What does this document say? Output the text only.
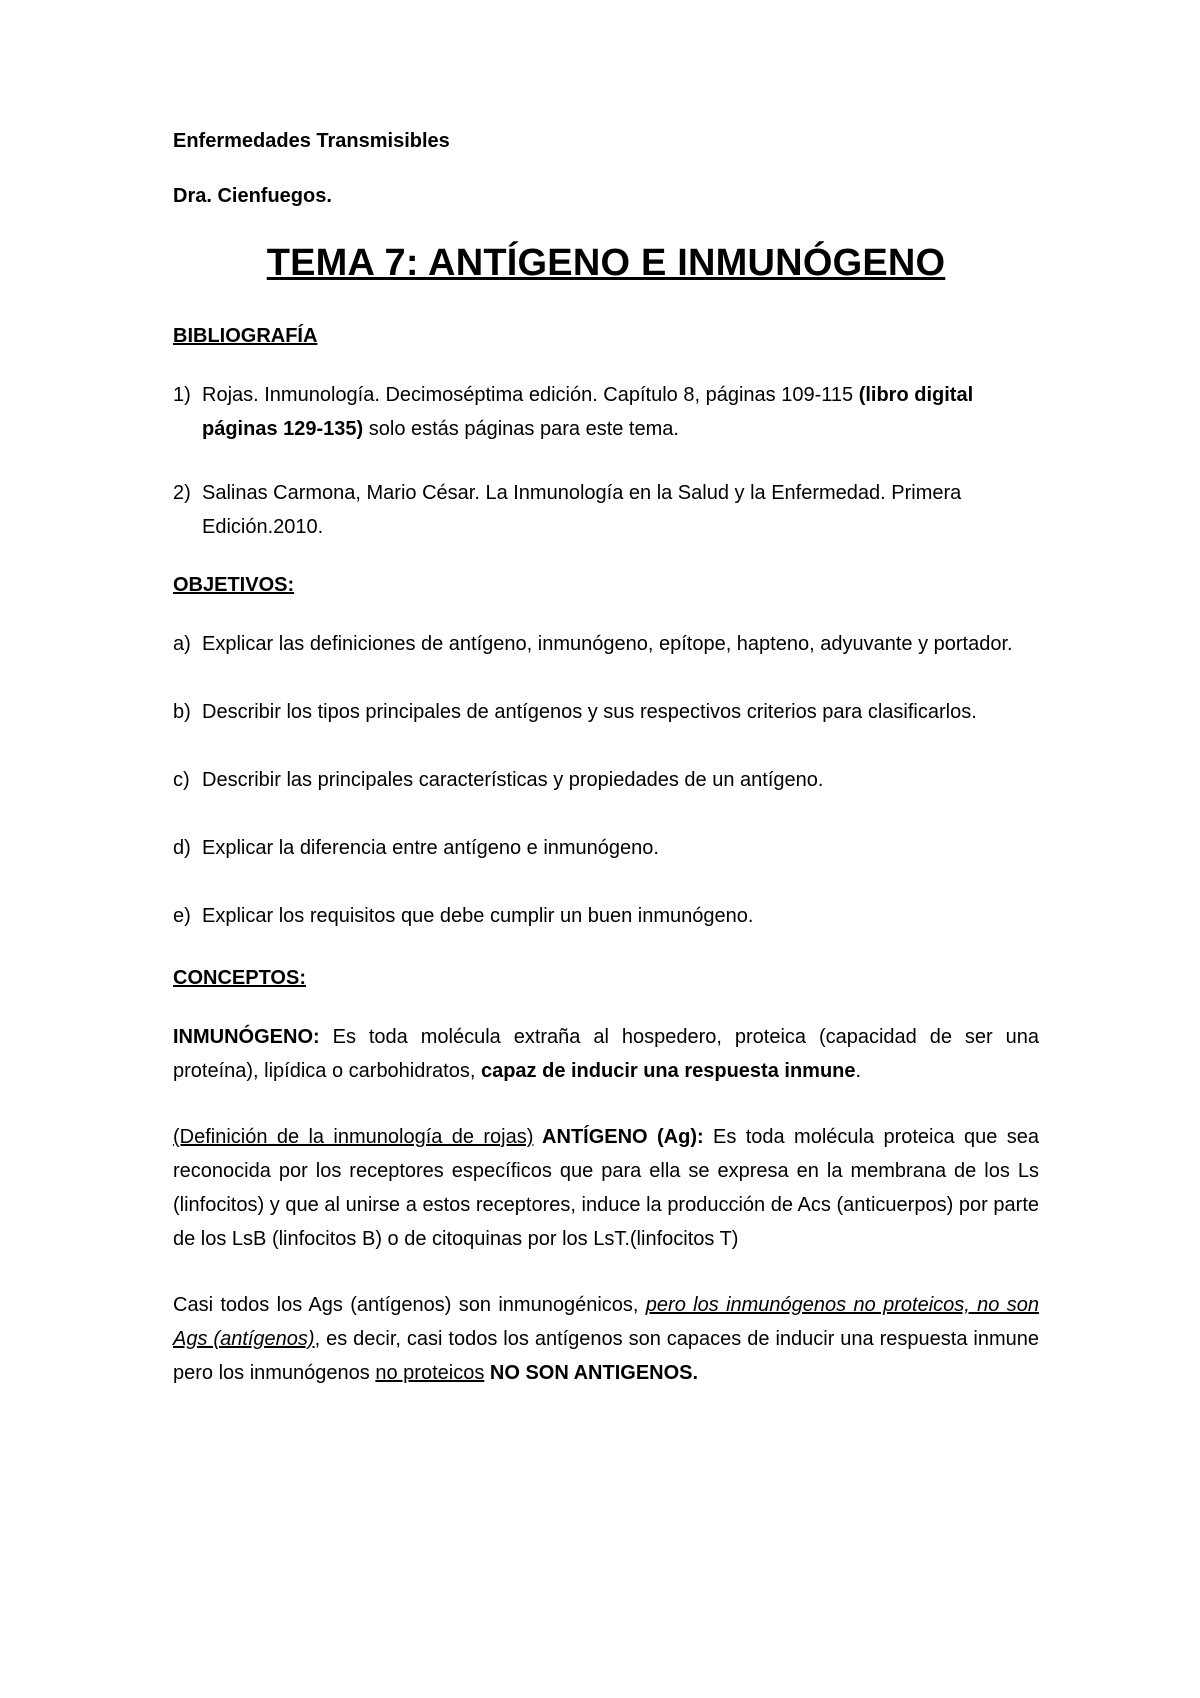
Enfermedades Transmisibles

Dra. Cienfuegos.

TEMA 7: ANTÍGENO E INMUNÓGENO

BIBLIOGRAFÍA

1) Rojas. Inmunología. Decimoséptima edición. Capítulo 8, páginas 109-115 (libro digital páginas 129-135) solo estás páginas para este tema.
2) Salinas Carmona, Mario César. La Inmunología en la Salud y la Enfermedad. Primera Edición.2010.

OBJETIVOS:

a) Explicar las definiciones de antígeno, inmunógeno, epítope, hapteno, adyuvante y portador.
b) Describir los tipos principales de antígenos y sus respectivos criterios para clasificarlos.
c) Describir las principales características y propiedades de un antígeno.
d) Explicar la diferencia entre antígeno e inmunógeno.
e) Explicar los requisitos que debe cumplir un buen inmunógeno.

CONCEPTOS:

INMUNÓGENO: Es toda molécula extraña al hospedero, proteica (capacidad de ser una proteína), lipídica o carbohidratos, capaz de inducir una respuesta inmune.

(Definición de la inmunología de rojas) ANTÍGENO (Ag): Es toda molécula proteica que sea reconocida por los receptores específicos que para ella se expresa en la membrana de los Ls (linfocitos) y que al unirse a estos receptores, induce la producción de Acs (anticuerpos) por parte de los LsB (linfocitos B) o de citoquinas por los LsT.(linfocitos T)

Casi todos los Ags (antígenos) son inmunogénicos, pero los inmunógenos no proteicos, no son Ags (antígenos), es decir, casi todos los antígenos son capaces de inducir una respuesta inmune pero los inmunógenos no proteicos NO SON ANTIGENOS.
